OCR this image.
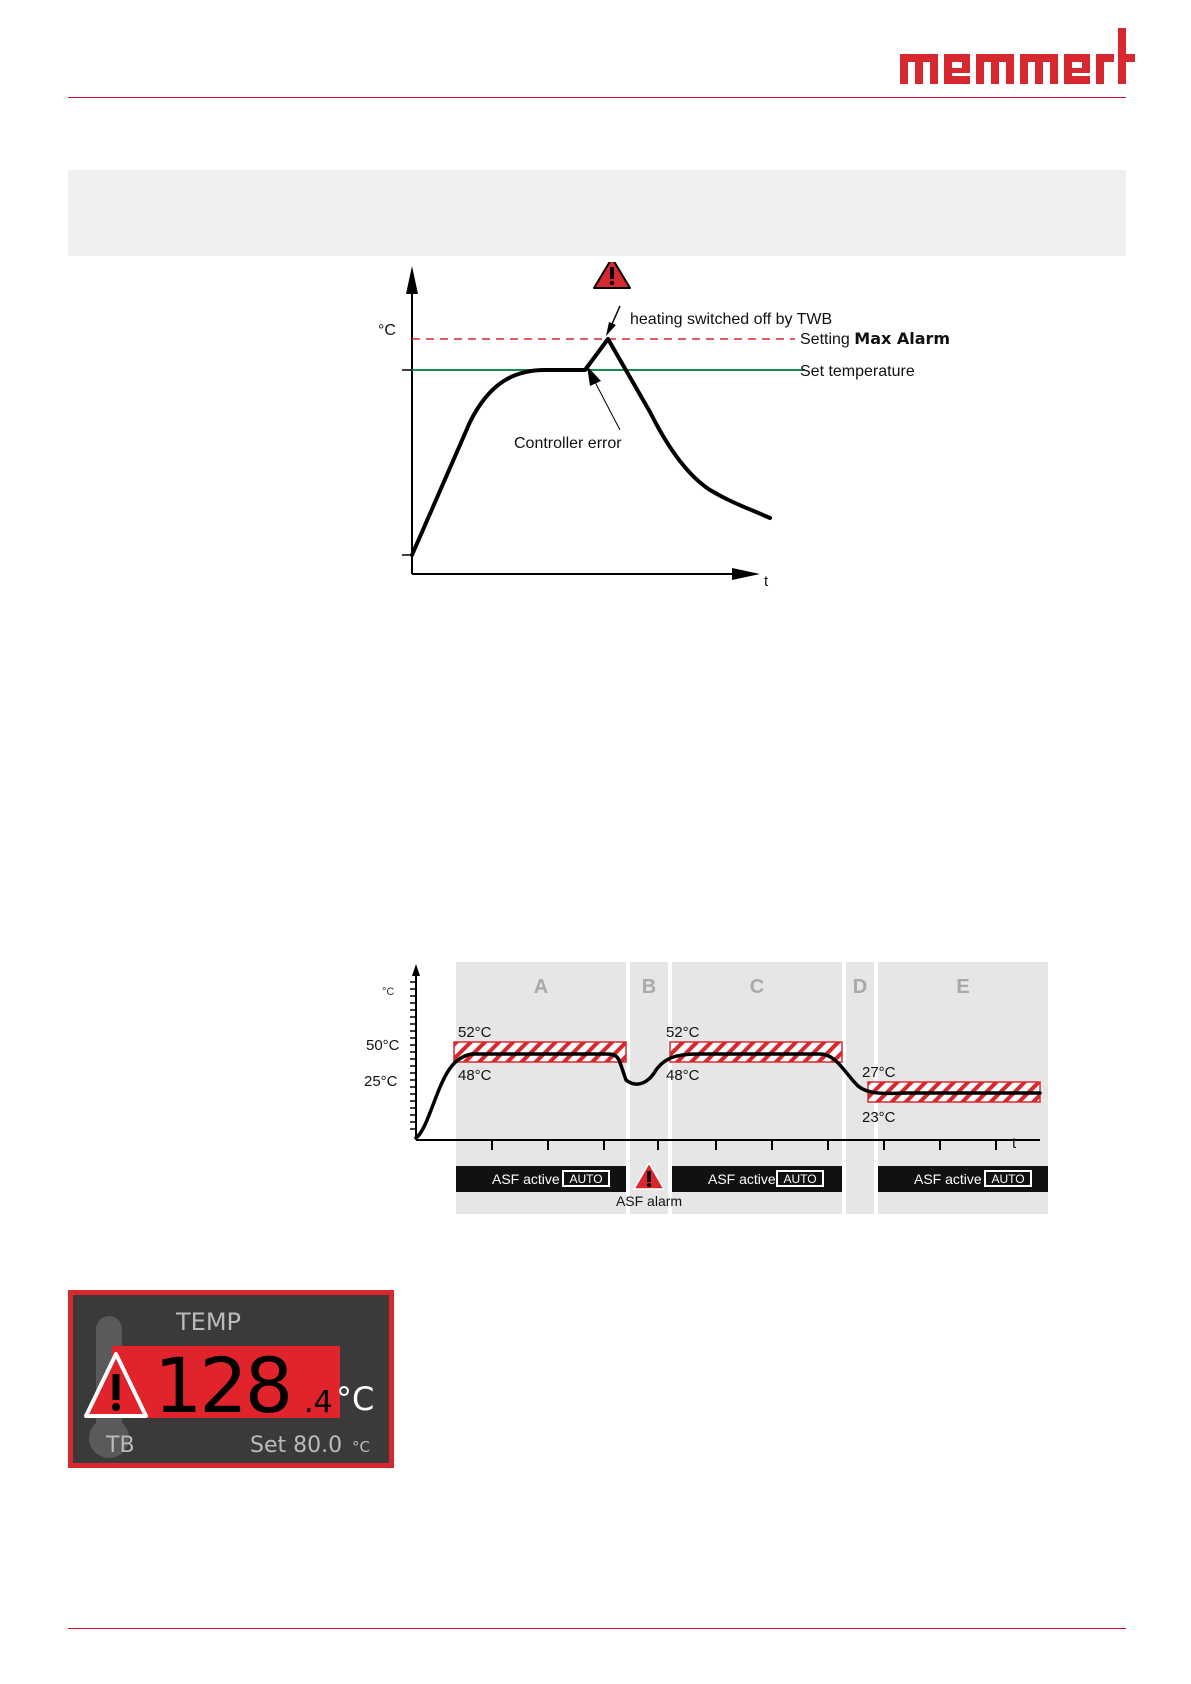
memmert
°C
t
Controller error
heating switched off by TWB
Setting Max Alarm
Set temperature
A	B	C	D	E
°C
50°C
25°C
t
52°C
48°C
52°C
48°C	27°C
23°C
ASF active AUTO	ASF active AUTO	ASF active AUTO
ASF alarm
TEMP
128 .4 °C
TB	Set 80.0 °C
